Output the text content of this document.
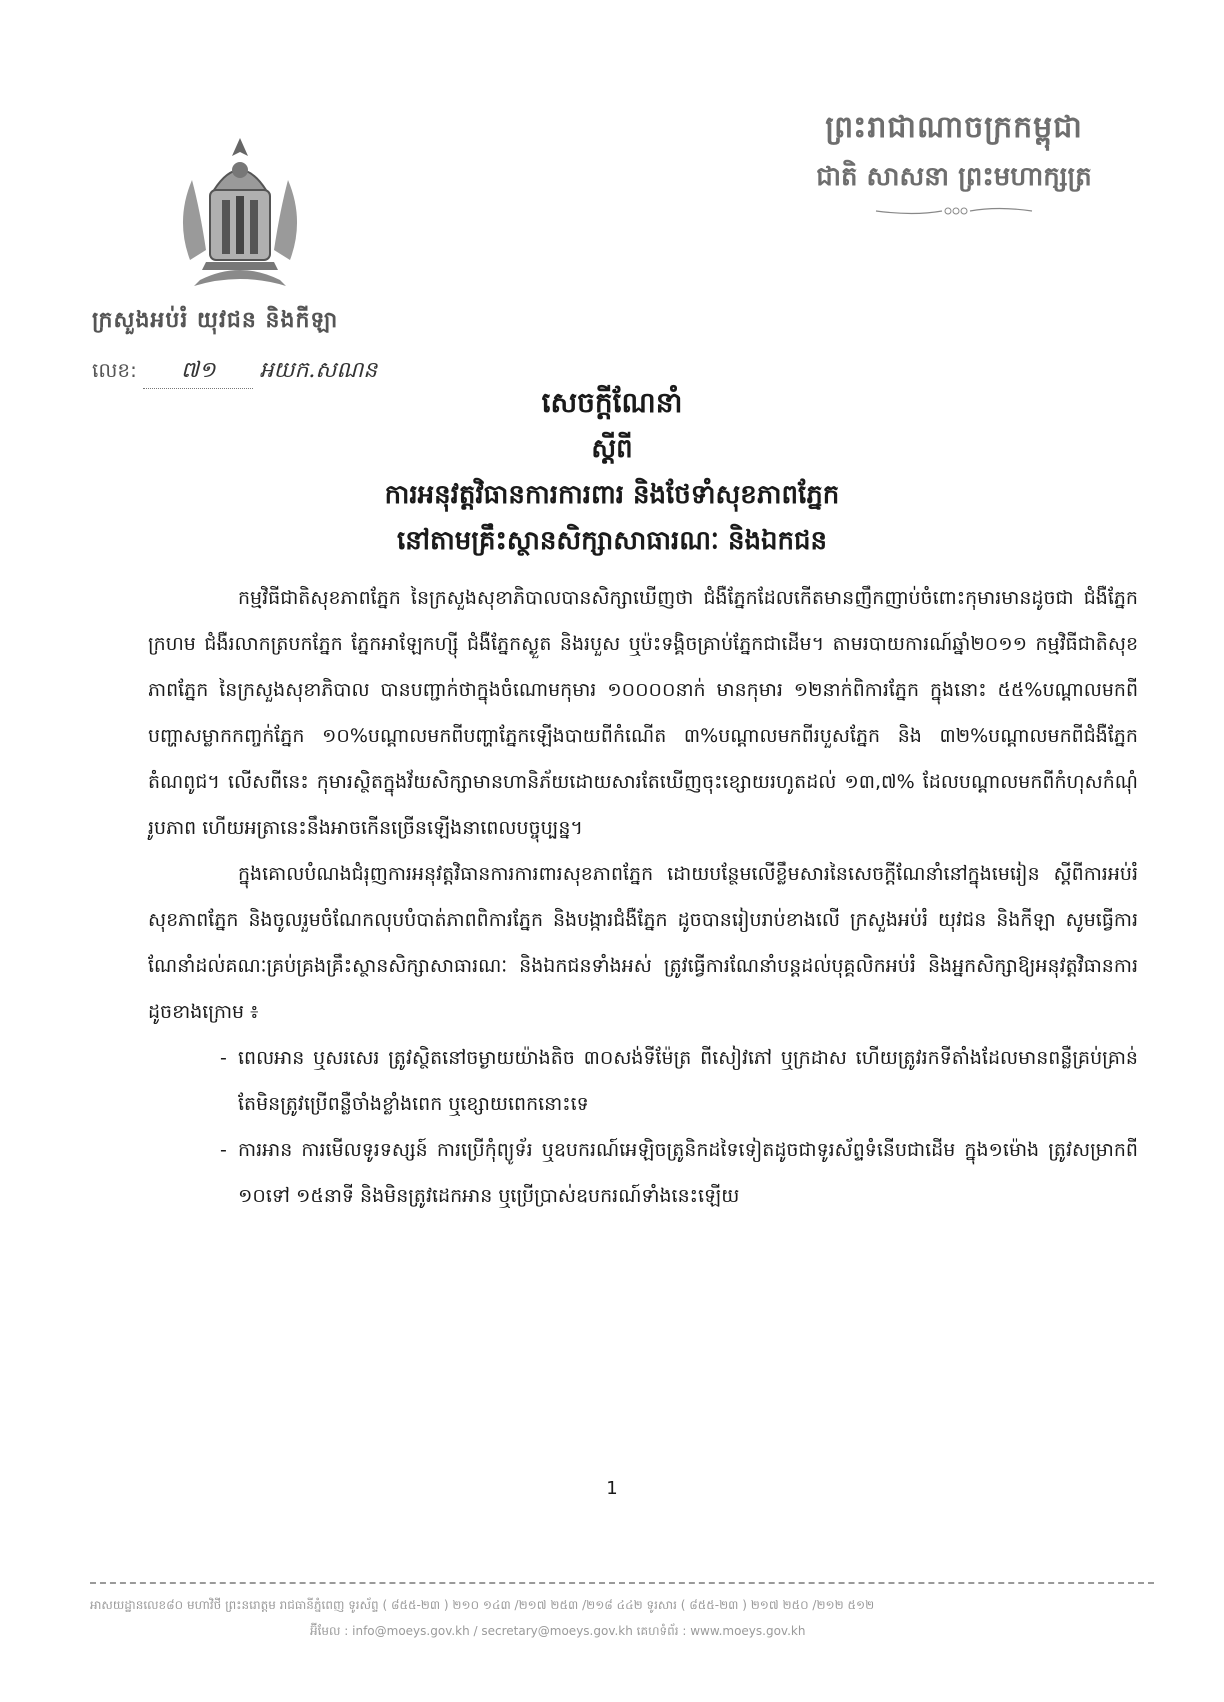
ព្រះរាជាណាចក្រកម្ពុជា
ជាតិ សាសនា ព្រះមហាក្សត្រ
ក្រសួងអប់រំ យុវជន និងកីឡា
លេខ: ៧១ អយក.សណន
សេចក្តីណែនាំ
ស្តីពី
ការអនុវត្តវិធានការការពារ និងថែទាំសុខភាពភ្នែក
នៅតាមគ្រឹះស្ថានសិក្សាសាធារណៈ និងឯកជន

កម្មវិធីជាតិសុខភាពភ្នែក នៃក្រសួងសុខាភិបាលបានសិក្សាឃើញថា ជំងឺភ្នែកដែលកើតមានញឹកញាប់ចំពោះកុមារមានដូចជា ជំងឺភ្នែកក្រហម ជំងឺរលាកត្របកភ្នែក ភ្នែកអាឡែកហ្ស៊ី ជំងឺភ្នែកស្ងួត និងរបួស ឬប៉ះទង្គិចគ្រាប់ភ្នែកជាដើម។ តាមរបាយការណ៍ឆ្នាំ២០១១ កម្មវិធីជាតិសុខភាពភ្នែក នៃក្រសួងសុខាភិបាល បានបញ្ជាក់ថាក្នុងចំណោមកុមារ ១០០០០នាក់ មានកុមារ ១២នាក់ពិការភ្នែក ក្នុងនោះ ៥៥%បណ្តាលមកពីបញ្ហាសម្លាកកញ្ចក់ភ្នែក ១០%បណ្តាលមកពីបញ្ហាភ្នែកឡើងបាយពីកំណើត ៣%បណ្តាលមកពីរបួសភ្នែក និង ៣២%បណ្តាលមកពីជំងឺភ្នែកតំណពូជ។ លើសពីនេះ កុមារស្ថិតក្នុងវ័យសិក្សាមានហានិភ័យដោយសារតែឃើញចុះខ្សោយរហូតដល់ ១៣,៧% ដែលបណ្តាលមកពីកំហុសកំណុំរូបភាព ហើយអត្រានេះនឹងអាចកើនច្រើនឡើងនាពេលបច្ចុប្បន្ន។

ក្នុងគោលបំណងជំរុញការអនុវត្តវិធានការការពារសុខភាពភ្នែក ដោយបន្ថែមលើខ្លឹមសារនៃសេចក្តីណែនាំនៅក្នុងមេរៀន ស្តីពីការអប់រំសុខភាពភ្នែក និងចូលរួមចំណែកលុបបំបាត់ភាពពិការភ្នែក និងបង្ការជំងឺភ្នែក ដូចបានរៀបរាប់ខាងលើ ក្រសួងអប់រំ យុវជន និងកីឡា សូមធ្វើការណែនាំដល់គណៈគ្រប់គ្រងគ្រឹះស្ថានសិក្សាសាធារណៈ និងឯកជនទាំងអស់ ត្រូវធ្វើការណែនាំបន្តដល់បុគ្គលិកអប់រំ និងអ្នកសិក្សាឱ្យអនុវត្តវិធានការដូចខាងក្រោម ៖

- ពេលអាន ឬសរសេរ ត្រូវស្ថិតនៅចម្ងាយយ៉ាងតិច ៣០សង់ទីម៉ែត្រ ពីសៀវភៅ ឬក្រដាស ហើយត្រូវរកទីតាំងដែលមានពន្លឺគ្រប់គ្រាន់ តែមិនត្រូវប្រើពន្លឺចាំងខ្លាំងពេក ឬខ្សោយពេកនោះទេ
- ការអាន ការមើលទូរទស្សន៍ ការប្រើកុំព្យូទ័រ ឬឧបករណ៍អេឡិចត្រូនិកដទៃទៀតដូចជាទូរស័ព្ទទំនើបជាដើម ក្នុង១ម៉ោង ត្រូវសម្រាកពី ១០ទៅ ១៥នាទី និងមិនត្រូវដេកអាន ឬប្រើប្រាស់ឧបករណ៍ទាំងនេះឡើយ
1
អាសយដ្ឋានលេខ៨០ មហាវិថី ព្រះនរោត្តម រាជធានីភ្នំពេញ ទូរស័ព្ទ ( ៨៥៥-២៣ ) ២១០ ១៤៣ /២១៧ ២៥៣ /២១៨ ៤៤២ ទូរសារ ( ៨៥៥-២៣ ) ២១៧ ២៥០ /២១២ ៥១២
អ៊ីមែល : info@moeys.gov.kh / secretary@moeys.gov.kh គេហទំព័រ : www.moeys.gov.kh
